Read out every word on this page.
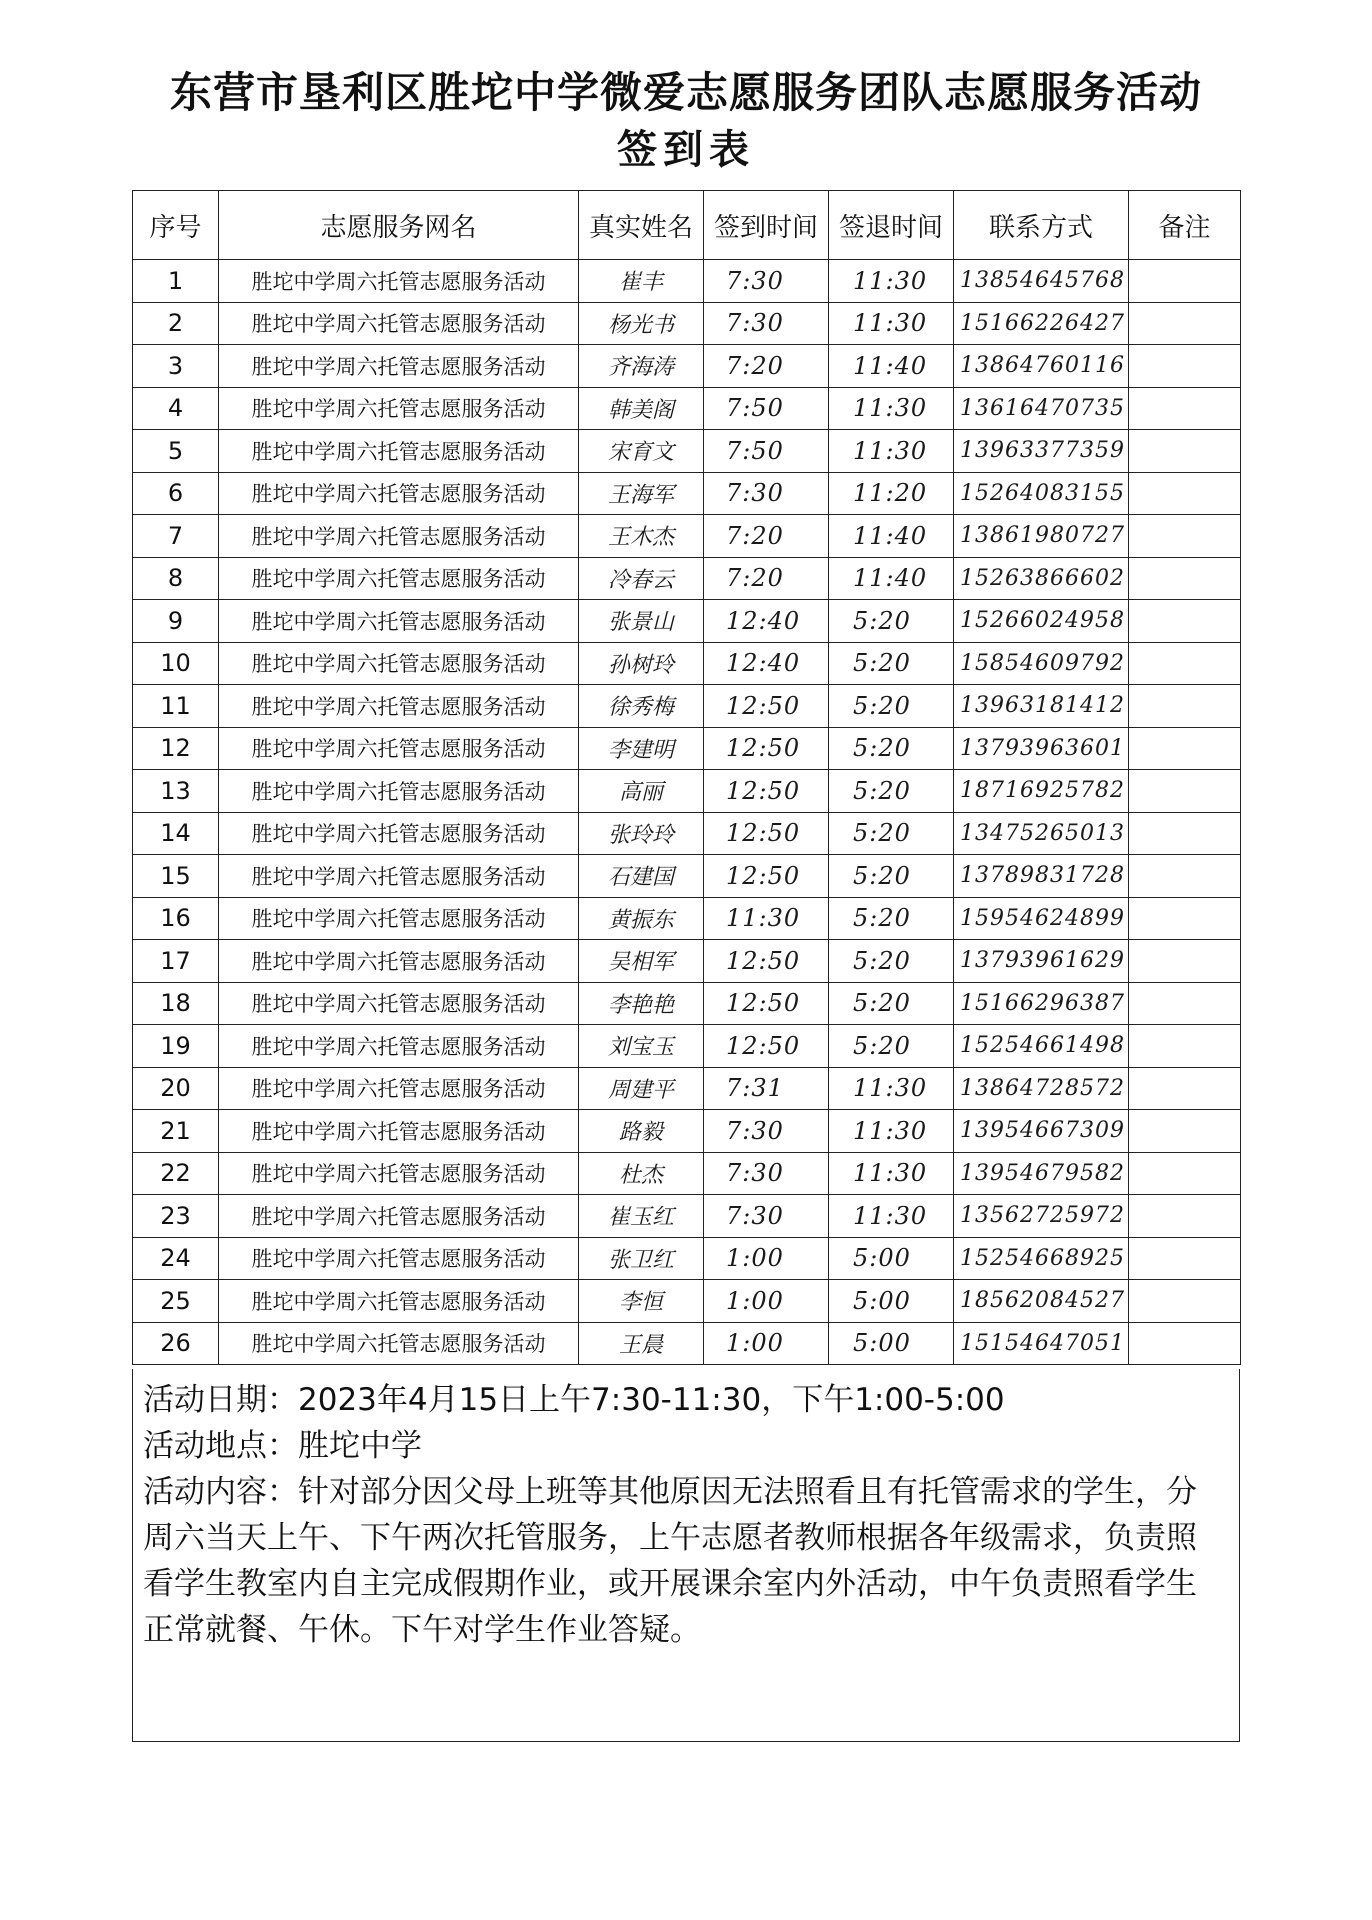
东营市垦利区胜坨中学微爱志愿服务团队志愿服务活动
签到表
序号	志愿服务网名	真实姓名	签到时间	签退时间	联系方式	备注
1	胜坨中学周六托管志愿服务活动	崔丰	7:30	11:30	13854645768	
2	胜坨中学周六托管志愿服务活动	杨光书	7:30	11:30	15166226427	
3	胜坨中学周六托管志愿服务活动	齐海涛	7:20	11:40	13864760116	
4	胜坨中学周六托管志愿服务活动	韩美阁	7:50	11:30	13616470735	
5	胜坨中学周六托管志愿服务活动	宋育文	7:50	11:30	13963377359	
6	胜坨中学周六托管志愿服务活动	王海军	7:30	11:20	15264083155	
7	胜坨中学周六托管志愿服务活动	王木杰	7:20	11:40	13861980727	
8	胜坨中学周六托管志愿服务活动	冷春云	7:20	11:40	15263866602	
9	胜坨中学周六托管志愿服务活动	张景山	12:40	5:20	15266024958	
10	胜坨中学周六托管志愿服务活动	孙树玲	12:40	5:20	15854609792	
11	胜坨中学周六托管志愿服务活动	徐秀梅	12:50	5:20	13963181412	
12	胜坨中学周六托管志愿服务活动	李建明	12:50	5:20	13793963601	
13	胜坨中学周六托管志愿服务活动	高丽	12:50	5:20	18716925782	
14	胜坨中学周六托管志愿服务活动	张玲玲	12:50	5:20	13475265013	
15	胜坨中学周六托管志愿服务活动	石建国	12:50	5:20	13789831728	
16	胜坨中学周六托管志愿服务活动	黄振东	11:30	5:20	15954624899	
17	胜坨中学周六托管志愿服务活动	吴相军	12:50	5:20	13793961629	
18	胜坨中学周六托管志愿服务活动	李艳艳	12:50	5:20	15166296387	
19	胜坨中学周六托管志愿服务活动	刘宝玉	12:50	5:20	15254661498	
20	胜坨中学周六托管志愿服务活动	周建平	7:31	11:30	13864728572	
21	胜坨中学周六托管志愿服务活动	路毅	7:30	11:30	13954667309	
22	胜坨中学周六托管志愿服务活动	杜杰	7:30	11:30	13954679582	
23	胜坨中学周六托管志愿服务活动	崔玉红	7:30	11:30	13562725972	
24	胜坨中学周六托管志愿服务活动	张卫红	1:00	5:00	15254668925	
25	胜坨中学周六托管志愿服务活动	李恒	1:00	5:00	18562084527	
26	胜坨中学周六托管志愿服务活动	王晨	1:00	5:00	15154647051	

活动日期：2023年4月15日上午7:30-11:30，下午1:00-5:00

活动地点：胜坨中学

活动内容：针对部分因父母上班等其他原因无法照看且有托管需求的学生，分周六当天上午、下午两次托管服务，上午志愿者教师根据各年级需求，负责照看学生教室内自主完成假期作业，或开展课余室内外活动，中午负责照看学生正常就餐、午休。下午对学生作业答疑。
